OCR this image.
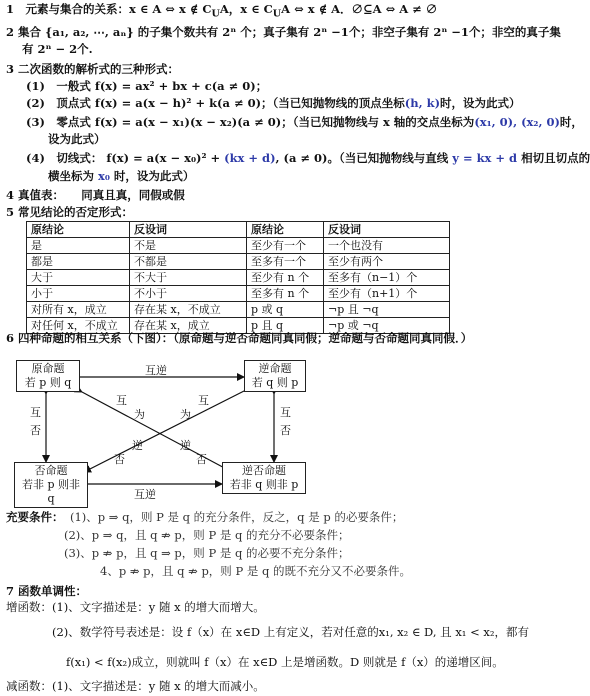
1　元素与集合的关系：x ∈ A ⇔ x ∉ $C_UA$，x ∈ $C_UA$ ⇔ x ∉ A．∅⊆A ⇔ A ≠ ∅
2 集合 {a₁, a₂, ⋯, aₙ} 的子集个数共有 2ⁿ 个；真子集有 2ⁿ −1个；非空子集有 2ⁿ −1个；非空的真子集
有 2ⁿ − 2个.
3 二次函数的解析式的三种形式：
(1)　一般式 f(x) = ax² + bx + c(a ≠ 0)；
(2)　顶点式 f(x) = a(x − h)² + k(a ≠ 0)；（当已知抛物线的顶点坐标(h, k)时，设为此式）
(3)　零点式 f(x) = a(x − x₁)(x − x₂)(a ≠ 0)；（当已知抛物线与 x 轴的交点坐标为(x₁, 0), (x₂, 0)时，
设为此式）
(4)　切线式： f(x) = a(x − x₀)² + (kx + d), (a ≠ 0)。（当已知抛物线与直线 y = kx + d 相切且切点的
横坐标为 x₀ 时，设为此式）
4 真值表：　　同真且真，同假或假
5 常见结论的否定形式：
原结论	反设词	原结论	反设词
是	不是	至少有一个	一个也没有
都是	不都是	至多有一个	至少有两个
大于	不大于	至少有 n 个	至多有（n−1）个
小于	不小于	至多有 n 个	至少有（n+1）个
对所有 x，成立	存在某 x，不成立	p 或 q	¬p 且 ¬q
对任何 x，不成立	存在某 x，成立	p 且 q	¬p 或 ¬q
6 四种命题的相互关系（下图）：（原命题与逆否命题同真同假；逆命题与否命题同真同假．）
原命题
若 p 则 q
逆命题
若 q 则 p
否命题
若非 p 则非 q
逆否命题
若非 q 则非 p
互逆
互逆
互
否
互
否
互
为	为
互
逆
否
逆
否
充要条件： (1)、p ⇒ q，则 P 是 q 的充分条件，反之，q 是 p 的必要条件；
(2)、p ⇒ q，且 q ⇏ p，则 P 是 q 的充分不必要条件；
(3)、p ⇏ p，且 q ⇒ p，则 P 是 q 的必要不充分条件；
4、p ⇏ p，且 q ⇏ p，则 P 是 q 的既不充分又不必要条件。
7 函数单调性：
增函数：(1)、文字描述是：y 随 x 的增大而增大。
(2)、数学符号表述是：设 f（x）在 x∈D 上有定义，若对任意的x₁, x₂ ∈ D, 且 x₁ < x₂，都有
f(x₁) < f(x₂)成立，则就叫 f（x）在 x∈D 上是增函数。D 则就是 f（x）的递增区间。
减函数：(1)、文字描述是：y 随 x 的增大而减小。
